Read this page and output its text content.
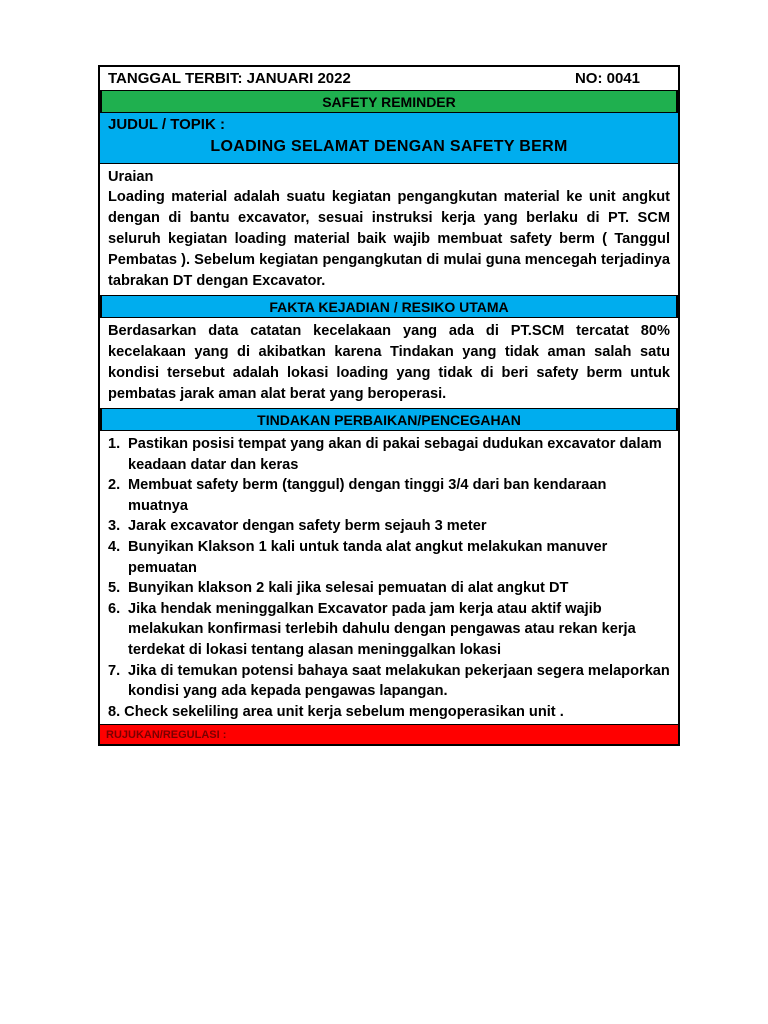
TANGGAL TERBIT: JANUARI 2022	NO: 0041
SAFETY REMINDER
JUDUL / TOPIK :
LOADING SELAMAT DENGAN SAFETY BERM
Uraian
Loading material adalah suatu kegiatan pengangkutan material ke unit angkut dengan di bantu excavator, sesuai instruksi kerja yang berlaku di PT. SCM seluruh kegiatan loading material baik wajib membuat safety berm ( Tanggul Pembatas ). Sebelum kegiatan pengangkutan di mulai guna mencegah terjadinya tabrakan DT dengan Excavator.
FAKTA KEJADIAN / RESIKO UTAMA
Berdasarkan data catatan kecelakaan yang ada di PT.SCM tercatat 80% kecelakaan yang di akibatkan karena Tindakan yang tidak aman salah satu kondisi tersebut adalah lokasi loading yang tidak di beri safety berm untuk pembatas jarak aman alat berat yang beroperasi.
TINDAKAN PERBAIKAN/PENCEGAHAN
1. Pastikan posisi tempat yang akan di pakai sebagai dudukan excavator dalam keadaan datar dan keras
2. Membuat safety berm (tanggul) dengan tinggi 3/4 dari ban kendaraan muatnya
3. Jarak excavator dengan safety berm sejauh 3 meter
4. Bunyikan Klakson 1 kali untuk tanda alat angkut melakukan manuver pemuatan
5. Bunyikan klakson 2 kali jika selesai pemuatan di alat angkut DT
6. Jika hendak meninggalkan Excavator pada jam kerja atau aktif wajib melakukan konfirmasi terlebih dahulu dengan pengawas atau rekan kerja terdekat di lokasi tentang alasan meninggalkan lokasi
7. Jika di temukan potensi bahaya saat melakukan pekerjaan segera melaporkan kondisi yang ada kepada pengawas lapangan.
8. Check sekeliling area unit kerja sebelum mengoperasikan unit .
RUJUKAN/REGULASI :
